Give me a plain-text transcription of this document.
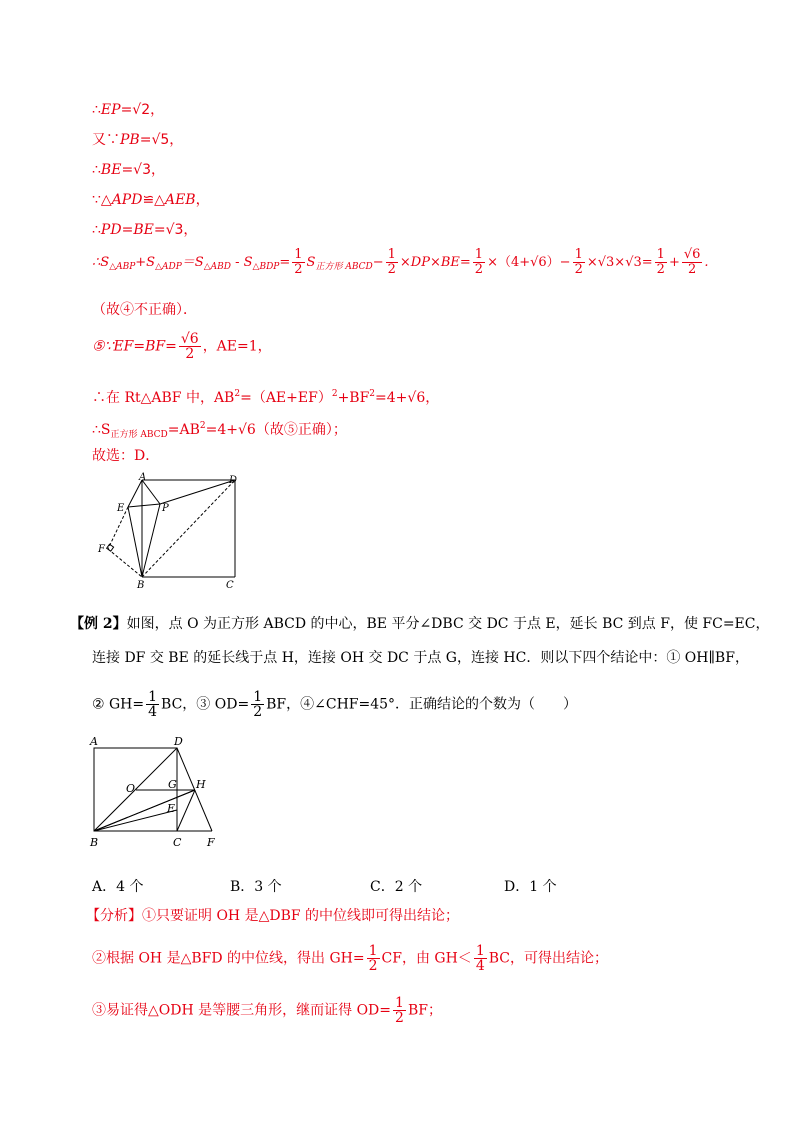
∴EP=√2，
又∵PB=√5，
∴BE=√3，
∵△APD≌△AEB，
∴PD=BE=√3，
$\therefore S_{\triangle ABP}+S_{\triangle ADP}=S_{\triangle ABD} - S_{\triangle BDP}= \frac{1}{2} S_{正方形 ABCD}- \frac{1}{2} \times DP\times BE= \frac{1}{2} \times(4+√6)- \frac{1}{2} \times√3\times√3= \frac{1}{2} + \frac{√6}{2}$ .
（故④不正确）．
⑤∵EF=BF= $\frac{√6}{2}$ ，AE=1，
∴在 Rt△ABF 中，$AB^2=(AE+EF)^2+BF^2=4+√6$，
$\therefore S_{正方形 ABCD}=AB^2=4+√6$（故⑤正确）；
故选：D．
A	D
E	P
F
B	C
【例 2】如图，点 O 为正方形 ABCD 的中心，BE 平分∠DBC 交 DC 于点 E，延长 BC 到点 F，使 FC=EC，
连接 DF 交 BE 的延长线于点 H，连接 OH 交 DC 于点 G，连接 HC．则以下四个结论中：① OH∥BF，
② $GH= \frac{1}{4}$ BC，③ $OD= \frac{1}{2}$ BF，④∠CHF=45°．正确结论的个数为（　　）
A	D
O	G H
E
B	C F
A．4 个	B．3 个	C．2 个	D．1 个
【分析】①只要证明 OH 是△DBF 的中位线即可得出结论；
②根据 OH 是△BFD 的中位线，得出 $GH= \frac{1}{2}$ CF，由 $GH< \frac{1}{4}$ BC，可得出结论；
③易证得△ODH 是等腰三角形，继而证得 $OD= \frac{1}{2}$ BF；
